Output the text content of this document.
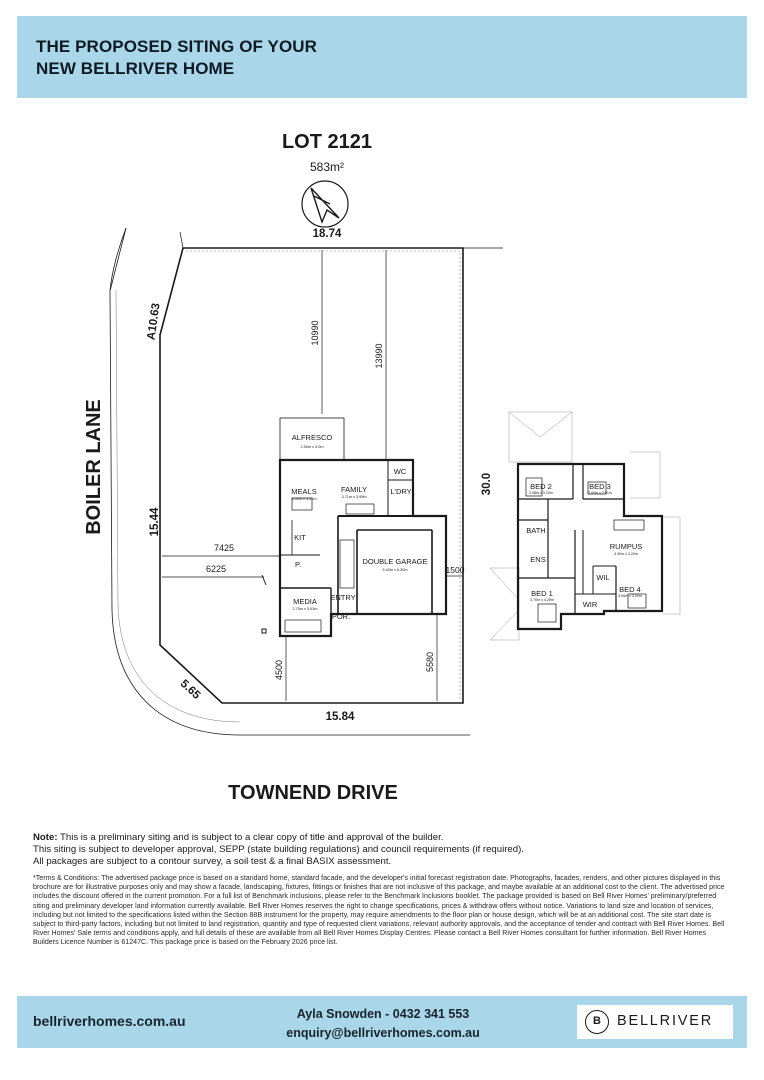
THE PROPOSED SITING OF YOUR
NEW BELLRIVER HOME
LOT 2121
583m²
18.74
15.84
30.0
15.44
A10.63
5.65
BOILER LANE
TOWNEND DRIVE
10990
13990
7425
6225	1500
4500	5580
ALFRESCO
2.50m x 3.0m
MEALS
3.00m x 3.51m
FAMILY
3.71m x 3.95m
WC
L'DRY
KIT
P.	DOUBLE GARAGE
5.40m x 6.30m
MEDIA
2.70m x 3.53m
ENTRY
POR.
BED 2
2.98m x 3.20m
BED 3
3.00m x 2.91m
BATH
RUMPUS
4.40m x 3.20m
ENS
WIL
BED 1
3.70m x 4.29m	WIR
BED 4
3.00m x 3.00m
Note: This is a preliminary siting and is subject to a clear copy of title and approval of the builder.
This siting is subject to developer approval, SEPP (state building regulations) and council requirements (if required).
All packages are subject to a contour survey, a soil test & a final BASIX assessment.
*Terms & Conditions: The advertised package price is based on a standard home, standard facade, and the developer's initial forecast registration date. Photographs, facades, renders, and other pictures displayed in this brochure are for illustrative purposes only and may show a facade, landscaping, fixtures, fittings or finishes that are not inclusive of this package, and maybe available at an additional cost to the client. The advertised price includes the discount offered in the current promotion. For a full list of Benchmark inclusions, please refer to the Benchmark Inclusions booklet. The package provided is based on Bell River Homes' preliminary/preferred siting and preliminary developer land information currently available. Bell River Homes reserves the right to change specifications, prices & withdraw offers without notice. Variations to land size and location of services, including but not limited to the specifications listed within the Section 88B instrument for the property, may require amendments to the floor plan or house design, which will be at an additional cost. The site start date is subject to third-party factors, including but not limited to land registration, quantity and type of requested client variations, relevant authority approvals, and the acceptance of tender and contract with Bell River Homes. Bell River Homes' Sale terms and conditions apply, and full details of these are available from all Bell River Homes Display Centres. Please contact a Bell River Homes consultant for further information. Bell River Homes Builders Licence Number is 61247C. This package price is based on the February 2026 price list.
bellriverhomes.com.au	Ayla Snowden - 0432 341 553
enquiry@bellriverhomes.com.au
B	BELLRIVER
